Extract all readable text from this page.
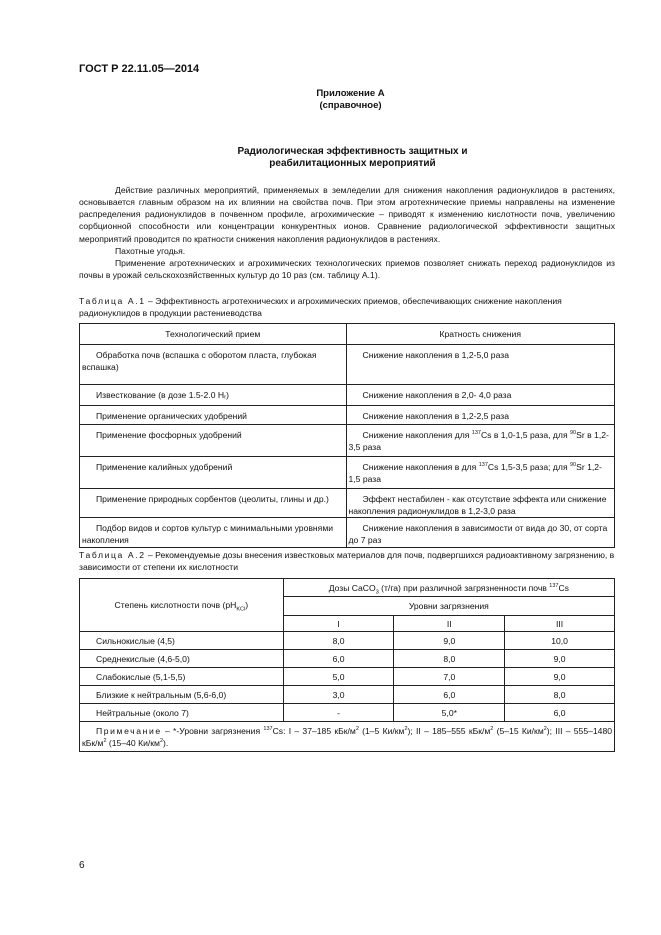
ГОСТ Р 22.11.05—2014
Приложение А
(справочное)
Радиологическая эффективность защитных и
реабилитационных мероприятий

Действие различных мероприятий, применяемых в земледелии для снижения накопления радионуклидов в растениях, основывается главным образом на их влиянии на свойства почв. При этом агротехнические приемы направлены на изменение распределения радионуклидов в почвенном профиле, агрохимические – приводят к изменению кислотности почв, увеличению сорбционной способности или концентрации конкурентных ионов. Сравнение радиологической эффективности защитных мероприятий проводится по кратности снижения накопления радионуклидов в растениях.

Пахотные угодья.

Применение агротехнических и агрохимических технологических приемов позволяет снижать переход радионуклидов из почвы в урожай сельскохозяйственных культур до 10 раз (см. таблицу А.1).

Таблица А.1 – Эффективность агротехнических и агрохимических приемов, обеспечивающих снижение накопления радионуклидов в продукции растениеводства
Технологический прием	Кратность снижения
Обработка почв (вспашка с оборотом пласта, глубокая вспашка)	Снижение накопления в 1,2-5,0 раза
Известкование (в дозе 1.5-2.0 Hᵣ)	Снижение накопления в 2,0- 4,0 раза
Применение органических удобрений	Снижение накопления в 1,2-2,5 раза
Применение фосфорных удобрений	Снижение накопления для $^{137}$Cs в 1,0-1,5 раза, для $^{90}$Sr в 1,2-3,5 раза
Применение калийных удобрений	Снижение накопления в для $^{137}$Cs 1,5-3,5 раза; для $^{90}$Sr 1,2-1,5 раза
Применение природных сорбентов (цеолиты, глины и др.)	Эффект нестабилен - как отсутствие эффекта или снижение накопления радионуклидов в 1,2-3,0 раза
Подбор видов и сортов культур с минимальными уровнями накопления	Снижение накопления в зависимости от вида до 30, от сорта до 7 раз
Таблица А.2 – Рекомендуемые дозы внесения известковых материалов для почв, подвергшихся радиоактивному загрязнению, в зависимости от степени их кислотности
Степень кислотности почв $(pH_{KCl})$	Дозы CaCO$_3$ (т/га) при различной загрязненности почв $^{137}$Cs		
	Уровни загрязнения		
	I	II	III
Сильнокислые (4,5)	8,0	9,0	10,0
Среднекислые (4,6-5,0)	6,0	8,0	9,0
Слабокислые (5,1-5,5)	5,0	7,0	9,0
Близкие к нейтральным (5,6-6,0)	3,0	6,0	8,0
Нейтральные (около 7)	-	5,0*	6,0
Примечание – *-Уровни загрязнения $^{137}$Cs: I – 37–185 кБк/$м^2$ (1–5 $Ки/км^2$); II – 185–555 кБк/$м^2$ (5–15 $Ки/км^2$); III – 555–1480 кБк/$м^2$ (15–40 $Ки/км^2$).			
6
